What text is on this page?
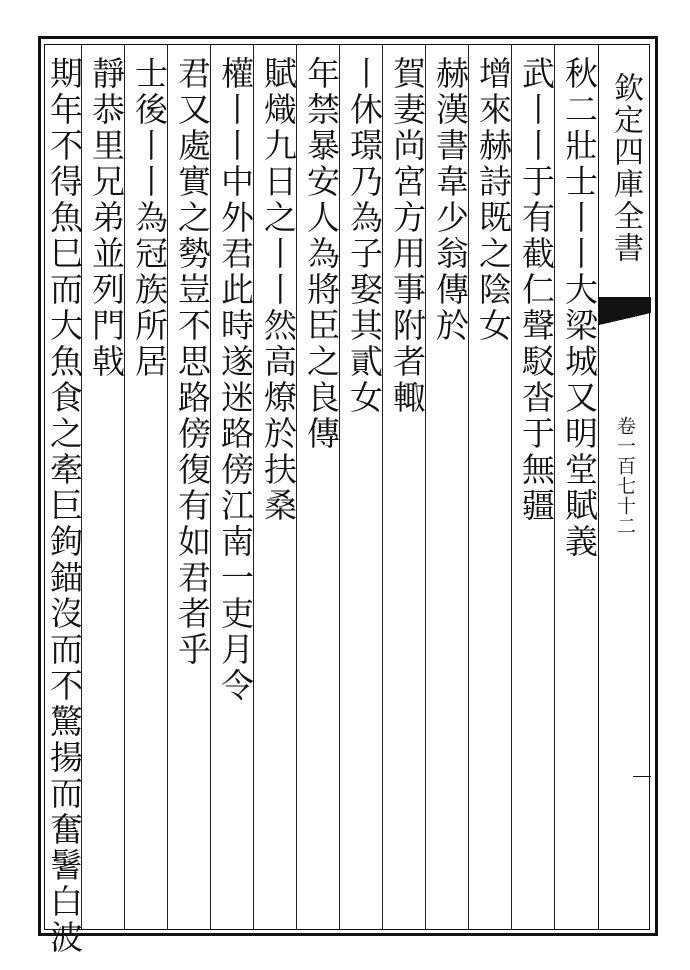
欽定四庫全書
卷一百七十二
秋二壯士丨丨大梁城又明堂賦義
武丨丨于有截仁聲駁沓于無疆
增來赫詩既之陰女
赫漢書韋少翁傳於
賀妻尚宮方用事附者輙
丨休璟乃為子娶其貳女
年禁暴安人為將臣之良傳
賦熾九日之丨丨然高燎於扶桑
權丨丨中外君此時遂迷路傍江南一吏月令
君又處實之勢豈不思路傍復有如君者乎
士後丨丨為冠族所居
靜恭里兄弟並列門戟
期年不得魚巳而大魚食之牽巨鉤錨沒而不驚揚而奮鬐白波
